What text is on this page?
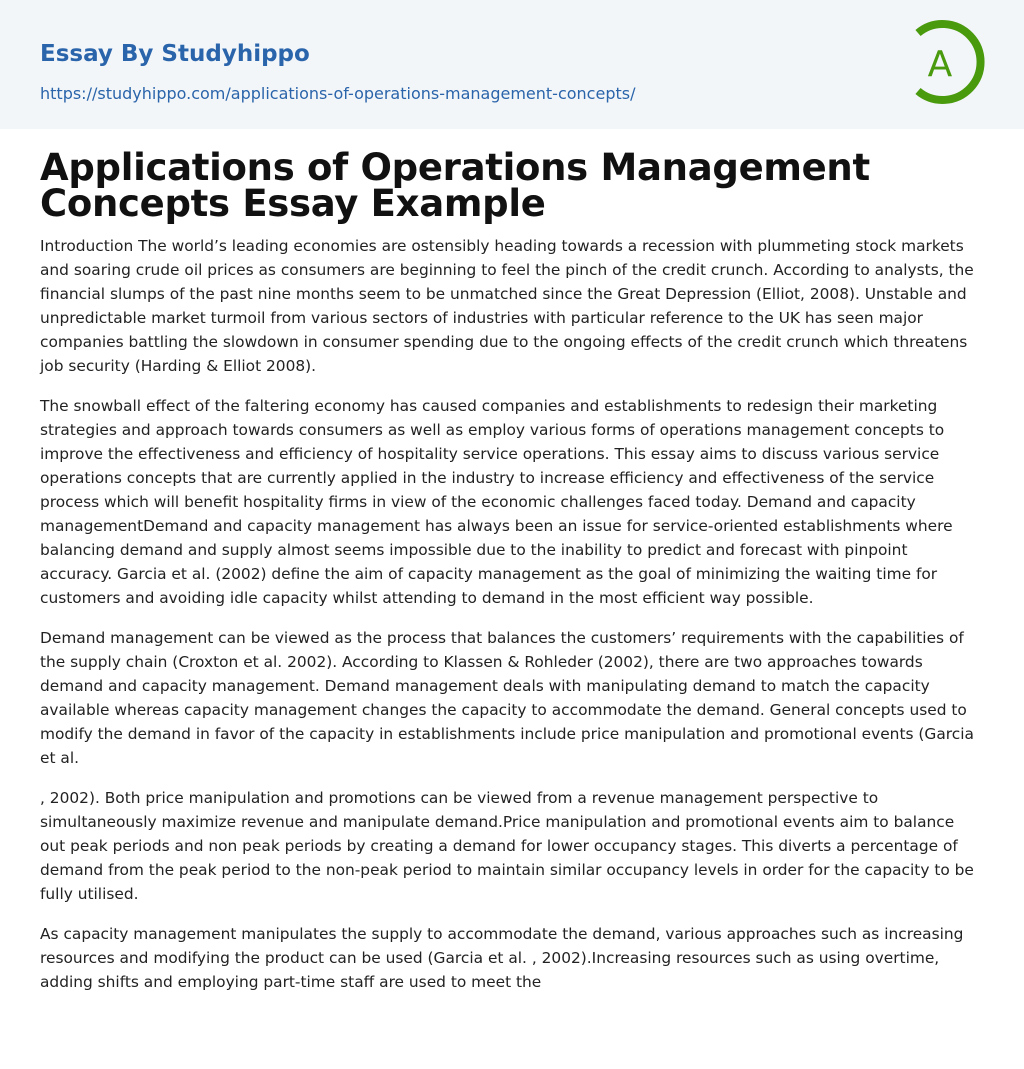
Essay By Studyhippo
https://studyhippo.com/applications-of-operations-management-concepts/
A
Applications of Operations Management Concepts Essay Example

Introduction The world’s leading economies are ostensibly heading towards a recession with plummeting stock markets and soaring crude oil prices as consumers are beginning to feel the pinch of the credit crunch. According to analysts, the financial slumps of the past nine months seem to be unmatched since the Great Depression (Elliot, 2008). Unstable and unpredictable market turmoil from various sectors of industries with particular reference to the UK has seen major companies battling the slowdown in consumer spending due to the ongoing effects of the credit crunch which threatens job security (Harding & Elliot 2008).

The snowball effect of the faltering economy has caused companies and establishments to redesign their marketing strategies and approach towards consumers as well as employ various forms of operations management concepts to improve the effectiveness and efficiency of hospitality service operations. This essay aims to discuss various service operations concepts that are currently applied in the industry to increase efficiency and effectiveness of the service process which will benefit hospitality firms in view of the economic challenges faced today. Demand and capacity managementDemand and capacity management has always been an issue for service-oriented establishments where balancing demand and supply almost seems impossible due to the inability to predict and forecast with pinpoint accuracy. Garcia et al. (2002) define the aim of capacity management as the goal of minimizing the waiting time for customers and avoiding idle capacity whilst attending to demand in the most efficient way possible.

Demand management can be viewed as the process that balances the customers’ requirements with the capabilities of the supply chain (Croxton et al. 2002). According to Klassen & Rohleder (2002), there are two approaches towards demand and capacity management. Demand management deals with manipulating demand to match the capacity available whereas capacity management changes the capacity to accommodate the demand. General concepts used to modify the demand in favor of the capacity in establishments include price manipulation and promotional events (Garcia et al.

, 2002). Both price manipulation and promotions can be viewed from a revenue management perspective to simultaneously maximize revenue and manipulate demand.Price manipulation and promotional events aim to balance out peak periods and non peak periods by creating a demand for lower occupancy stages. This diverts a percentage of demand from the peak period to the non-peak period to maintain similar occupancy levels in order for the capacity to be fully utilised.

As capacity management manipulates the supply to accommodate the demand, various approaches such as increasing resources and modifying the product can be used (Garcia et al. , 2002).Increasing resources such as using overtime, adding shifts and employing part-time staff are used to meet the
